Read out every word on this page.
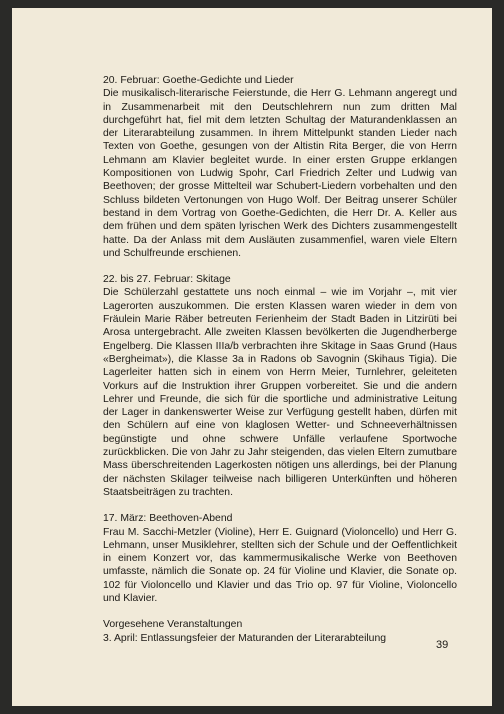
20. Februar: Goethe-Gedichte und Lieder
Die musikalisch-literarische Feierstunde, die Herr G. Lehmann angeregt und in Zusammenarbeit mit den Deutschlehrern nun zum dritten Mal durchgeführt hat, fiel mit dem letzten Schultag der Maturandenklassen an der Literarabteilung zusammen. In ihrem Mittelpunkt standen Lieder nach Texten von Goethe, gesungen von der Altistin Rita Berger, die von Herrn Lehmann am Klavier begleitet wurde. In einer ersten Gruppe erklangen Kompositionen von Ludwig Spohr, Carl Friedrich Zelter und Ludwig van Beethoven; der grosse Mittelteil war Schubert-Liedern vorbehalten und den Schluss bildeten Vertonungen von Hugo Wolf. Der Beitrag unserer Schüler bestand in dem Vortrag von Goethe-Gedichten, die Herr Dr. A. Keller aus dem frühen und dem späten lyrischen Werk des Dichters zusammengestellt hatte. Da der Anlass mit dem Ausläuten zusammenfiel, waren viele Eltern und Schulfreunde erschienen.
22. bis 27. Februar: Skitage
Die Schülerzahl gestattete uns noch einmal – wie im Vorjahr –, mit vier Lagerorten auszukommen. Die ersten Klassen waren wieder in dem von Fräulein Marie Räber betreuten Ferienheim der Stadt Baden in Litzirüti bei Arosa untergebracht. Alle zweiten Klassen bevölkerten die Jugendherberge Engelberg. Die Klassen IIIa/b verbrachten ihre Skitage in Saas Grund (Haus «Bergheimat»), die Klasse 3a in Radons ob Savognin (Skihaus Tigia). Die Lagerleiter hatten sich in einem von Herrn Meier, Turnlehrer, geleiteten Vorkurs auf die Instruktion ihrer Gruppen vorbereitet. Sie und die andern Lehrer und Freunde, die sich für die sportliche und administrative Leitung der Lager in dankenswerter Weise zur Verfügung gestellt haben, dürfen mit den Schülern auf eine von klaglosen Wetter- und Schneeverhältnissen begünstigte und ohne schwere Unfälle verlaufene Sportwoche zurückblicken. Die von Jahr zu Jahr steigenden, das vielen Eltern zumutbare Mass überschreitenden Lagerkosten nötigen uns allerdings, bei der Planung der nächsten Skilager teilweise nach billigeren Unterkünften und höheren Staatsbeiträgen zu trachten.
17. März: Beethoven-Abend
Frau M. Sacchi-Metzler (Violine), Herr E. Guignard (Violoncello) und Herr G. Lehmann, unser Musiklehrer, stellten sich der Schule und der Oeffentlichkeit in einem Konzert vor, das kammermusikalische Werke von Beethoven umfasste, nämlich die Sonate op. 24 für Violine und Klavier, die Sonate op. 102 für Violoncello und Klavier und das Trio op. 97 für Violine, Violoncello und Klavier.
Vorgesehene Veranstaltungen
3. April: Entlassungsfeier der Maturanden der Literarabteilung
39
